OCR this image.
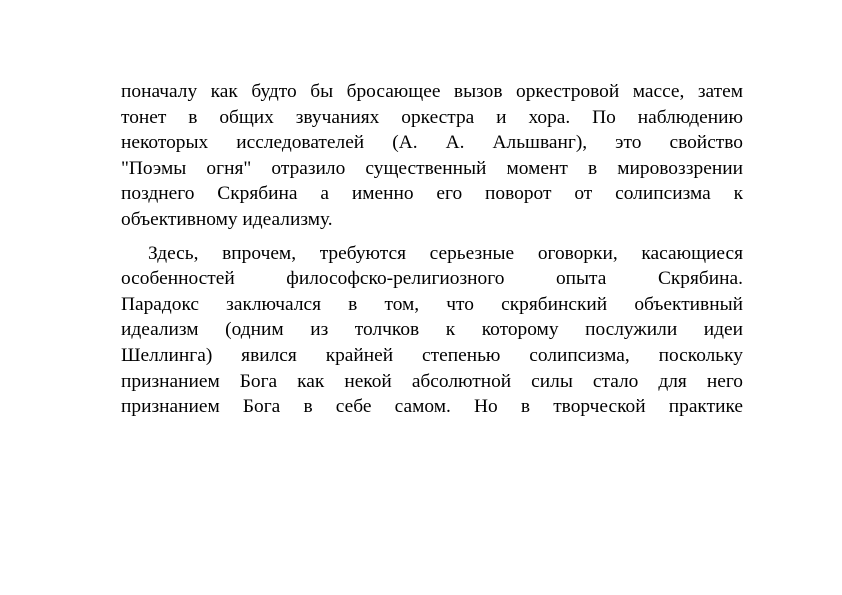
поначалу как будто бы бросающее вызов оркестровой массе, затем
тонет в общих звучаниях оркестра и хора. По наблюдению
некоторых исследователей (А. А. Альшванг), это свойство
"Поэмы огня" отразило существенный момент в мировоззрении
позднего Скрябина а именно его поворот от солипсизма к
объективному идеализму.
Здесь, впрочем, требуются серьезные оговорки, касающиеся
особенностей философско-религиозного опыта Скрябина.
Парадокс заключался в том, что скрябинский объективный
идеализм (одним из толчков к которому послужили идеи
Шеллинга) явился крайней степенью солипсизма, поскольку
признанием Бога как некой абсолютной силы стало для него
признанием Бога в себе самом. Но в творческой практике
